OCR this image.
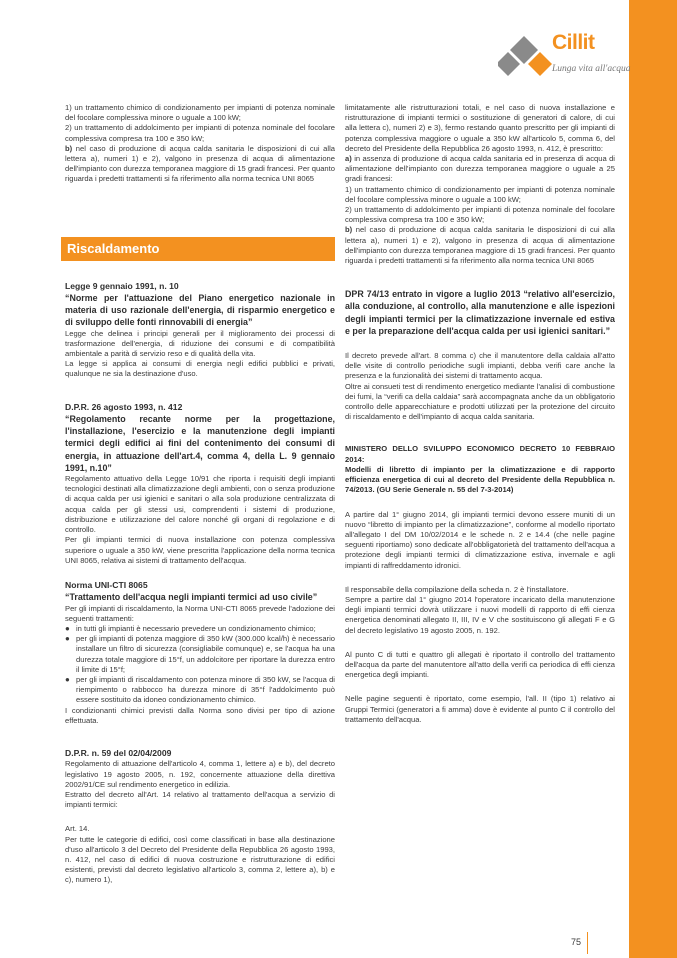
Cillit
Lunga vita all'acqua
1) un trattamento chimico di condizionamento per impianti di potenza nominale del focolare complessiva minore o uguale a 100 kW;
2) un trattamento di addolcimento per impianti di potenza nominale del focolare complessiva compresa tra 100 e 350 kW;
b) nel caso di produzione di acqua calda sanitaria le disposizioni di cui alla lettera a), numeri 1) e 2), valgono in presenza di acqua di alimentazione dell'impianto con durezza temporanea maggiore di 15 gradi francesi. Per quanto riguarda i predetti trattamenti si fa riferimento alla norma tecnica UNI 8065
Riscaldamento
Legge 9 gennaio 1991, n. 10
“Norme per l'attuazione del Piano energetico nazionale in materia di uso razionale dell'energia, di risparmio energetico e di sviluppo delle fonti rinnovabili di energia”
Legge che delinea i principi generali per il miglioramento dei processi di trasformazione dell'energia, di riduzione dei consumi e di compatibilità ambientale a parità di servizio reso e di qualità della vita.
La legge si applica ai consumi di energia negli edifici pubblici e privati, qualunque ne sia la destinazione d'uso.
D.P.R. 26 agosto 1993, n. 412
“Regolamento recante norme per la progettazione, l'installazione, l'esercizio e la manutenzione degli impianti termici degli edifici ai fini del contenimento dei consumi di energia, in attuazione dell'art.4, comma 4, della L. 9 gennaio 1991, n.10”
Regolamento attuativo della Legge 10/91 che riporta i requisiti degli impianti tecnologici destinati alla climatizzazione degli ambienti, con o senza produzione di acqua calda per usi igienici e sanitari o alla sola produzione centralizzata di acqua calda per gli stessi usi, comprendenti i sistemi di produzione, distribuzione e utilizzazione del calore nonché gli organi di regolazione e di controllo.
Per gli impianti termici di nuova installazione con potenza complessiva superiore o uguale a 350 kW, viene prescritta l'applicazione della norma tecnica UNI 8065, relativa ai sistemi di trattamento dell'acqua.
Norma UNI-CTI 8065
“Trattamento dell'acqua negli impianti termici ad uso civile”
Per gli impianti di riscaldamento, la Norma UNI-CTI 8065 prevede l'adozione dei seguenti trattamenti:
● in tutti gli impianti è necessario prevedere un condizionamento chimico;
● per gli impianti di potenza maggiore di 350 kW (300.000 kcal/h) è necessario installare un filtro di sicurezza (consigliabile comunque) e, se l'acqua ha una durezza totale maggiore di 15°f, un addolcitore per riportare la durezza entro il limite di 15°f;
● per gli impianti di riscaldamento con potenza minore di 350 kW, se l'acqua di riempimento o rabbocco ha durezza minore di 35°f l'addolcimento può essere sostituito da idoneo condizionamento chimico.
I condizionanti chimici previsti dalla Norma sono divisi per tipo di azione effettuata.
D.P.R. n. 59 del 02/04/2009
Regolamento di attuazione dell'articolo 4, comma 1, lettere a) e b), del decreto legislativo 19 agosto 2005, n. 192, concernente attuazione della direttiva 2002/91/CE sul rendimento energetico in edilizia.
Estratto del decreto all'Art. 14 relativo al trattamento dell'acqua a servizio di impianti termici:
Art. 14.
Per tutte le categorie di edifici, così come classificati in base alla destinazione d'uso all'articolo 3 del Decreto del Presidente della Repubblica 26 agosto 1993, n. 412, nel caso di edifici di nuova costruzione e ristrutturazione di edifici esistenti, previsti dal decreto legislativo all'articolo 3, comma 2, lettere a), b) e c), numero 1),
limitatamente alle ristrutturazioni totali, e nel caso di nuova installazione e ristrutturazione di impianti termici o sostituzione di generatori di calore, di cui alla lettera c), numeri 2) e 3), fermo restando quanto prescritto per gli impianti di potenza complessiva maggiore o uguale a 350 kW all'articolo 5, comma 6, del decreto del Presidente della Repubblica 26 agosto 1993, n. 412, è prescritto:
a) in assenza di produzione di acqua calda sanitaria ed in presenza di acqua di alimentazione dell'impianto con durezza temporanea maggiore o uguale a 25 gradi francesi:
1) un trattamento chimico di condizionamento per impianti di potenza nominale del focolare complessiva minore o uguale a 100 kW;
2) un trattamento di addolcimento per impianti di potenza nominale del focolare complessiva compresa tra 100 e 350 kW;
b) nel caso di produzione di acqua calda sanitaria le disposizioni di cui alla lettera a), numeri 1) e 2), valgono in presenza di acqua di alimentazione dell'impianto con durezza temporanea maggiore di 15 gradi francesi. Per quanto riguarda i predetti trattamenti si fa riferimento alla norma tecnica UNI 8065
DPR 74/13 entrato in vigore a luglio 2013 “relativo all'esercizio, alla conduzione, al controllo, alla manutenzione e alle ispezioni degli impianti termici per la climatizzazione invernale ed estiva e per la preparazione dell'acqua calda per usi igienici sanitari.”
Il decreto prevede all'art. 8 comma c) che il manutentore della caldaia all'atto delle visite di controllo periodiche sugli impianti, debba verifi care anche la presenza e la funzionalità dei sistemi di trattamento acqua.
Oltre ai consueti test di rendimento energetico mediante l'analisi di combustione dei fumi, la “verifi ca della caldaia” sarà accompagnata anche da un obbligatorio controllo delle apparecchiature e prodotti utilizzati per la protezione del circuito di riscaldamento e dell'impianto di acqua calda sanitaria.
MINISTERO DELLO SVILUPPO ECONOMICO DECRETO 10 FEBBRAIO 2014:
Modelli di libretto di impianto per la climatizzazione e di rapporto efficienza energetica di cui al decreto del Presidente della Repubblica n. 74/2013. (GU Serie Generale n. 55 del 7-3-2014)
A partire dal 1° giugno 2014, gli impianti termici devono essere muniti di un nuovo “libretto di impianto per la climatizzazione”, conforme al modello riportato all'allegato I del DM 10/02/2014 e le schede n. 2 e 14.4 (che nelle pagine seguenti riportiamo) sono dedicate all'obbligatorietà del trattamento dell'acqua a protezione degli impianti termici di climatizzazione estiva, invernale e agli impianti di raffreddamento idronici.
Il responsabile della compilazione della scheda n. 2 è l'installatore.
Sempre a partire dal 1° giugno 2014 l'operatore incaricato della manutenzione degli impianti termici dovrà utilizzare i nuovi modelli di rapporto di effi cienza energetica denominati allegato II, III, IV e V che sostituiscono gli allegati F e G del decreto legislativo 19 agosto 2005, n. 192.
Al punto C di tutti e quattro gli allegati è riportato il controllo del trattamento dell'acqua da parte del manutentore all'atto della verifi ca periodica di effi cienza energetica degli impianti.
Nelle pagine seguenti è riportato, come esempio, l'all. II (tipo 1) relativo ai Gruppi Termici (generatori a fi amma) dove è evidente al punto C il controllo del trattamento dell'acqua.
75
